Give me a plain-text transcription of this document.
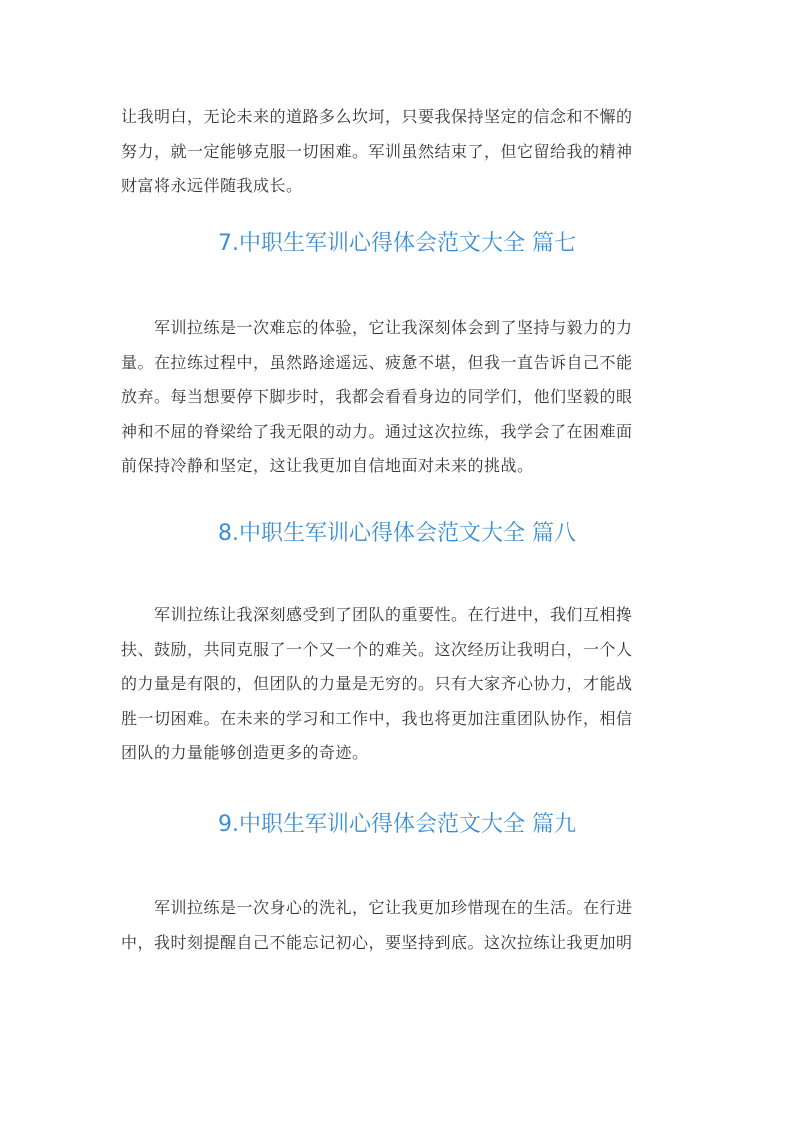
让我明白，无论未来的道路多么坎坷，只要我保持坚定的信念和不懈的
努力，就一定能够克服一切困难。军训虽然结束了，但它留给我的精神
财富将永远伴随我成长。
7.中职生军训心得体会范文大全 篇七
　　军训拉练是一次难忘的体验，它让我深刻体会到了坚持与毅力的力
量。在拉练过程中，虽然路途遥远、疲惫不堪，但我一直告诉自己不能
放弃。每当想要停下脚步时，我都会看看身边的同学们，他们坚毅的眼
神和不屈的脊梁给了我无限的动力。通过这次拉练，我学会了在困难面
前保持冷静和坚定，这让我更加自信地面对未来的挑战。
8.中职生军训心得体会范文大全 篇八
　　军训拉练让我深刻感受到了团队的重要性。在行进中，我们互相搀
扶、鼓励，共同克服了一个又一个的难关。这次经历让我明白，一个人
的力量是有限的，但团队的力量是无穷的。只有大家齐心协力，才能战
胜一切困难。在未来的学习和工作中，我也将更加注重团队协作，相信
团队的力量能够创造更多的奇迹。
9.中职生军训心得体会范文大全 篇九
　　军训拉练是一次身心的洗礼，它让我更加珍惜现在的生活。在行进
中，我时刻提醒自己不能忘记初心，要坚持到底。这次拉练让我更加明
